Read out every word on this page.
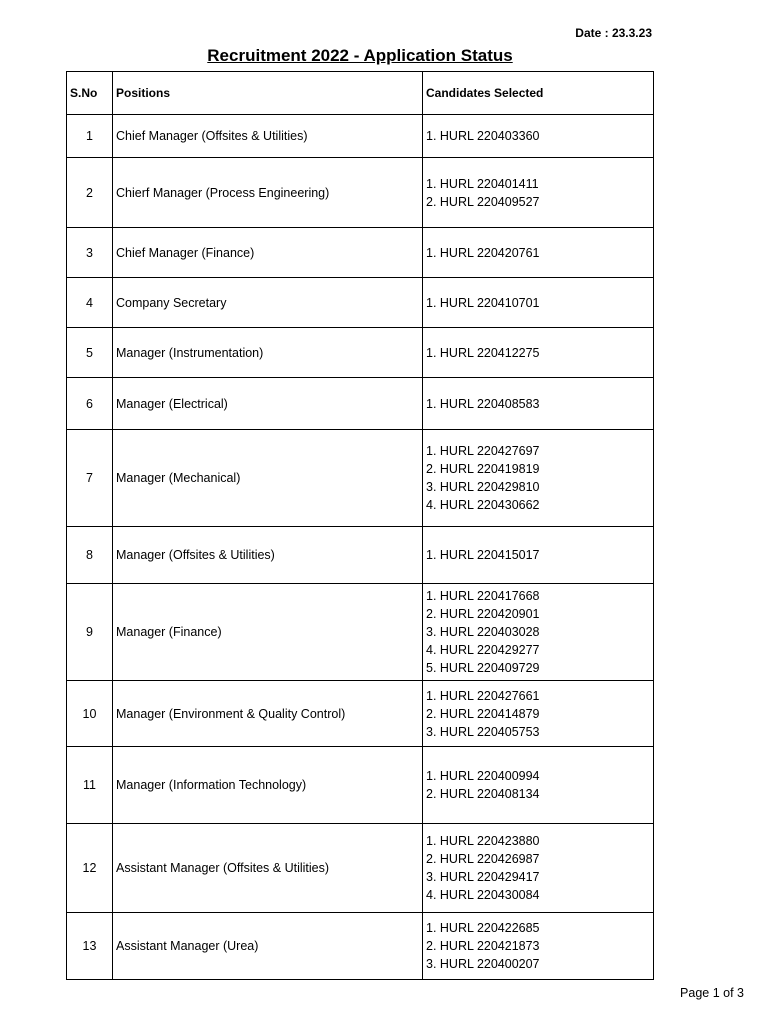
Date : 23.3.23
Recruitment 2022 - Application Status
S.No	Positions	Candidates Selected
1	Chief Manager (Offsites & Utilities)	1. HURL 220403360

2	Chierf Manager (Process Engineering)	1. HURL 220401411
2. HURL 220409527

3	Chief Manager (Finance)	1. HURL 220420761

4	Company Secretary	1. HURL 220410701

5	Manager (Instrumentation)	1. HURL 220412275

6	Manager (Electrical)	1. HURL 220408583

7	Manager (Mechanical)	1. HURL 220427697
2. HURL 220419819
3. HURL 220429810
4. HURL 220430662

8	Manager (Offsites & Utilities)	1. HURL 220415017

9	Manager (Finance)	1. HURL 220417668
2. HURL 220420901
3. HURL 220403028
4. HURL 220429277
5. HURL 220409729

10	Manager (Environment & Quality Control)	1. HURL 220427661
2. HURL 220414879
3. HURL 220405753

11	Manager (Information Technology)	1. HURL 220400994
2. HURL 220408134

12	Assistant Manager (Offsites & Utilities)	1. HURL 220423880
2. HURL 220426987
3. HURL 220429417
4. HURL 220430084

13	Assistant Manager (Urea)	1. HURL 220422685
2. HURL 220421873
3. HURL 220400207
Page 1 of 3
